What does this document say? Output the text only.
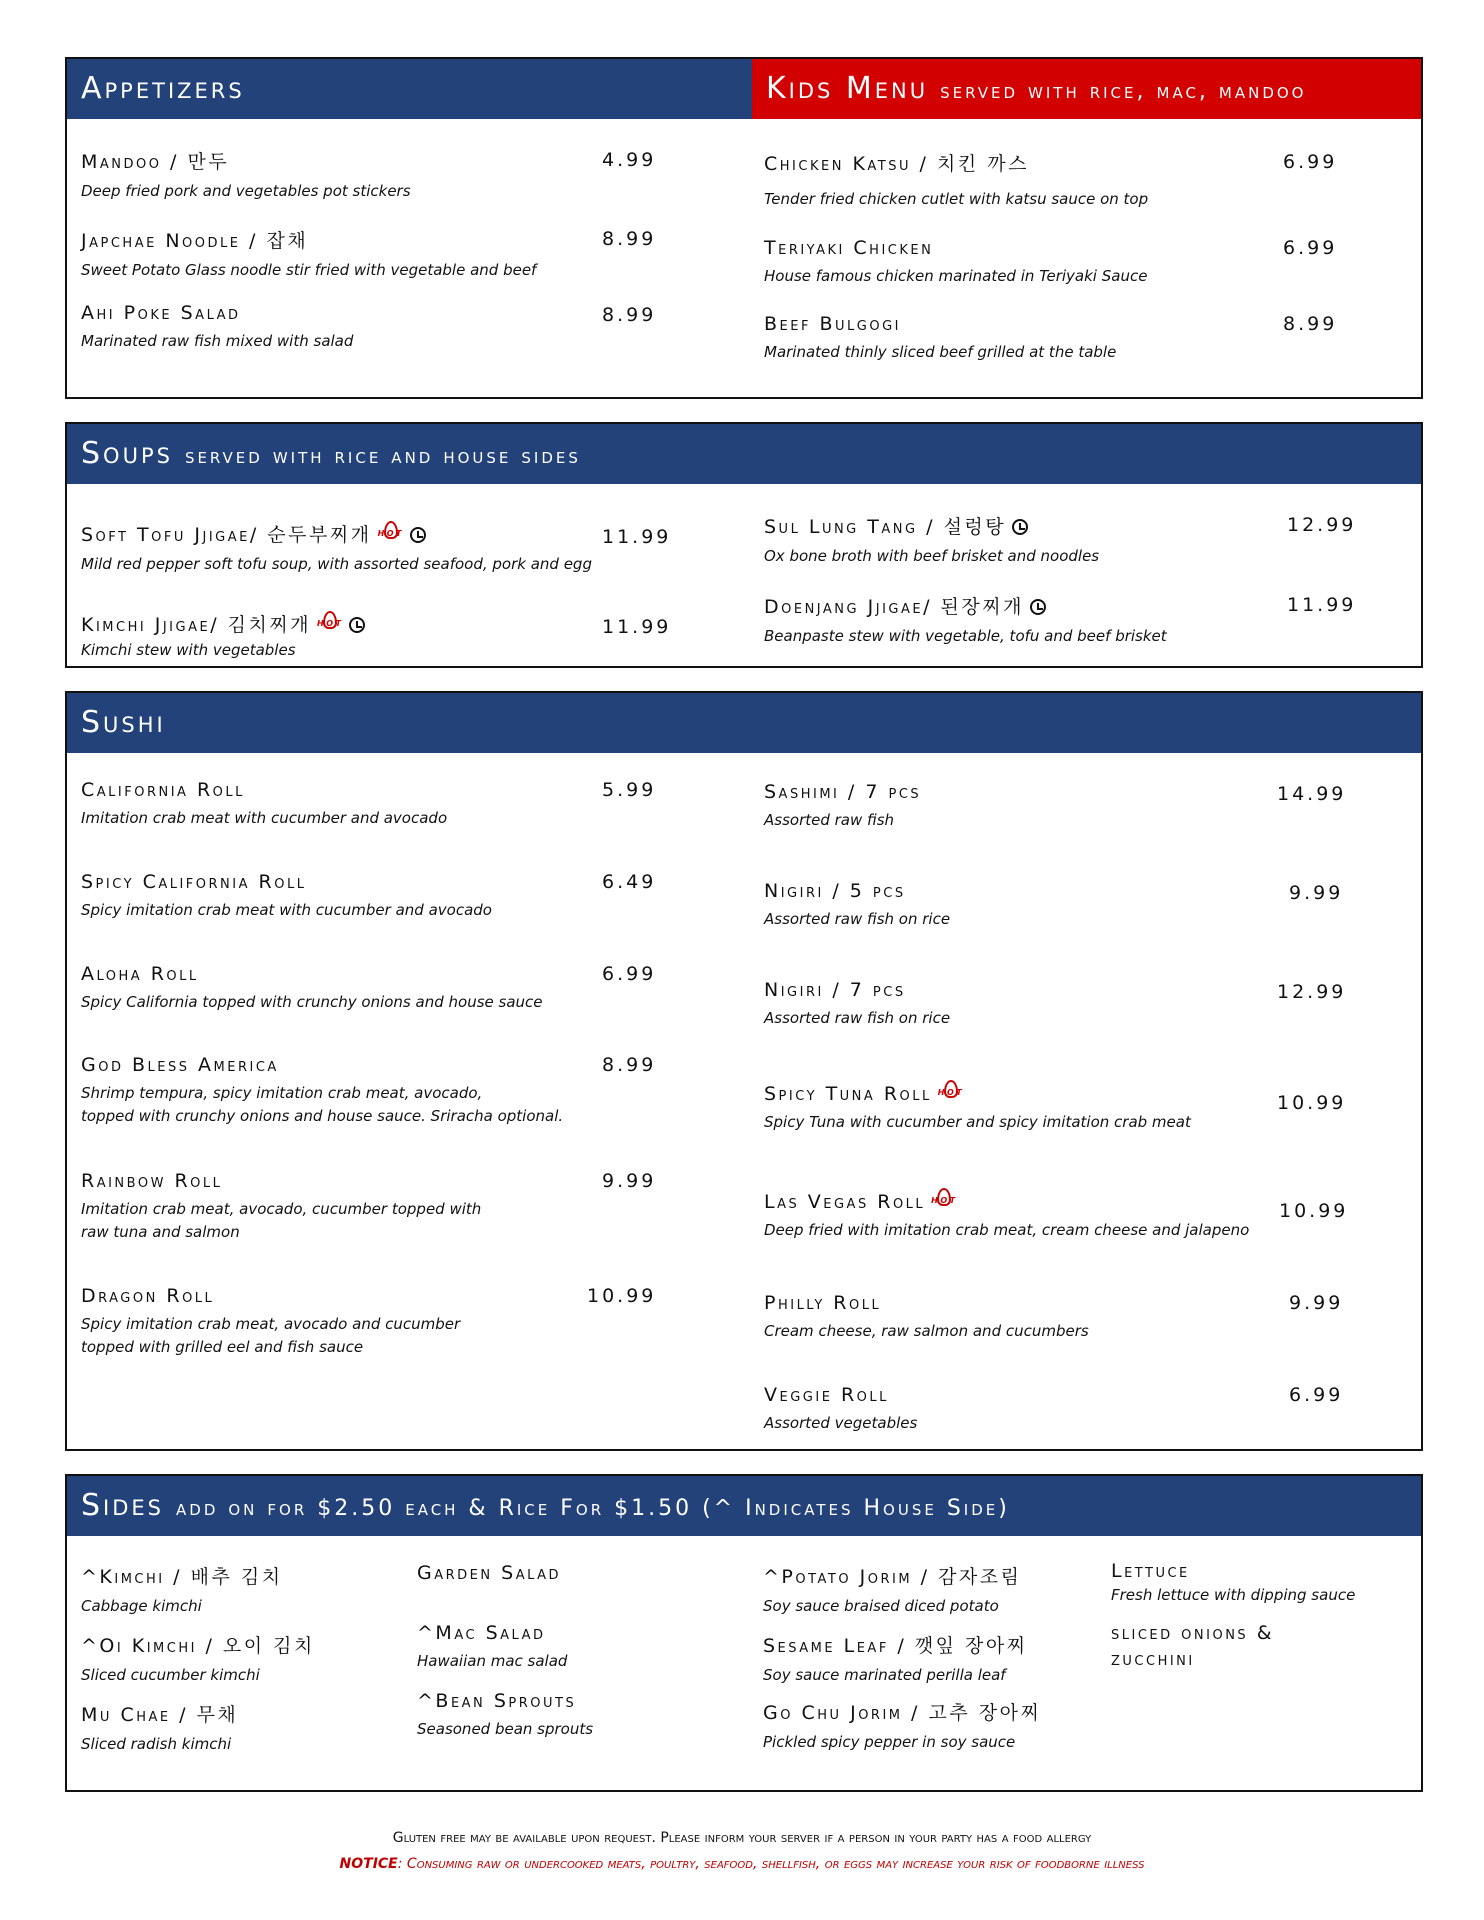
Appetizers	Kids Menu served with rice, mac, mandoo
Mandoo / 만두
Deep fried pork and vegetables pot stickers
4.99
Japchae Noodle / 잡채
Sweet Potato Glass noodle stir fried with vegetable and beef
8.99
Ahi Poke Salad
Marinated raw fish mixed with salad
8.99
Chicken Katsu / 치킨 까스
Tender fried chicken cutlet with katsu sauce on top
6.99
Teriyaki Chicken
House famous chicken marinated in Teriyaki Sauce
6.99
Beef Bulgogi
Marinated thinly sliced beef grilled at the table
8.99
Soups served with rice and house sides
Soft Tofu Jjigae/ 순두부찌개 HOT
Mild red pepper soft tofu soup, with assorted seafood, pork and egg
11.99
Kimchi Jjigae/ 김치찌개 HOT
Kimchi stew with vegetables
11.99
Sul Lung Tang / 설렁탕
Ox bone broth with beef brisket and noodles
12.99
Doenjang Jjigae/ 된장찌개
Beanpaste stew with vegetable, tofu and beef brisket
11.99
Sushi
California Roll
Imitation crab meat with cucumber and avocado
5.99
Spicy California Roll
Spicy imitation crab meat with cucumber and avocado
6.49
Aloha Roll
Spicy California topped with crunchy onions and house sauce
6.99
God Bless America
Shrimp tempura, spicy imitation crab meat, avocado,
topped with crunchy onions and house sauce. Sriracha optional.
8.99
Rainbow Roll
Imitation crab meat, avocado, cucumber topped with
raw tuna and salmon
9.99
Dragon Roll
Spicy imitation crab meat, avocado and cucumber
topped with grilled eel and fish sauce
10.99
Sashimi / 7 pcs
Assorted raw fish
14.99
Nigiri / 5 pcs
Assorted raw fish on rice
9.99
Nigiri / 7 pcs
Assorted raw fish on rice
12.99
Spicy Tuna Roll HOT
Spicy Tuna with cucumber and spicy imitation crab meat
10.99
Las Vegas Roll HOT
Deep fried with imitation crab meat, cream cheese and jalapeno
10.99
Philly Roll
Cream cheese, raw salmon and cucumbers
9.99
Veggie Roll
Assorted vegetables
6.99
Sides add on for $2.50 each & Rice For $1.50 (^ Indicates House Side)
^Kimchi / 배추 김치
Cabbage kimchi
^Oi Kimchi / 오이 김치
Sliced cucumber kimchi
Mu Chae / 무채
Sliced radish kimchi
Garden Salad
^Mac Salad
Hawaiian mac salad
^Bean Sprouts
Seasoned bean sprouts
^Potato Jorim / 감자조림
Soy sauce braised diced potato
Sesame Leaf / 깻잎 장아찌
Soy sauce marinated perilla leaf
Go Chu Jorim / 고추 장아찌
Pickled spicy pepper in soy sauce
Lettuce
Fresh lettuce with dipping sauce
sliced onions &
zucchini
Gluten free may be available upon request. Please inform your server if a person in your party has a food allergy
NOTICE: Consuming raw or undercooked meats, poultry, seafood, shellfish, or eggs may increase your risk of foodborne illness
